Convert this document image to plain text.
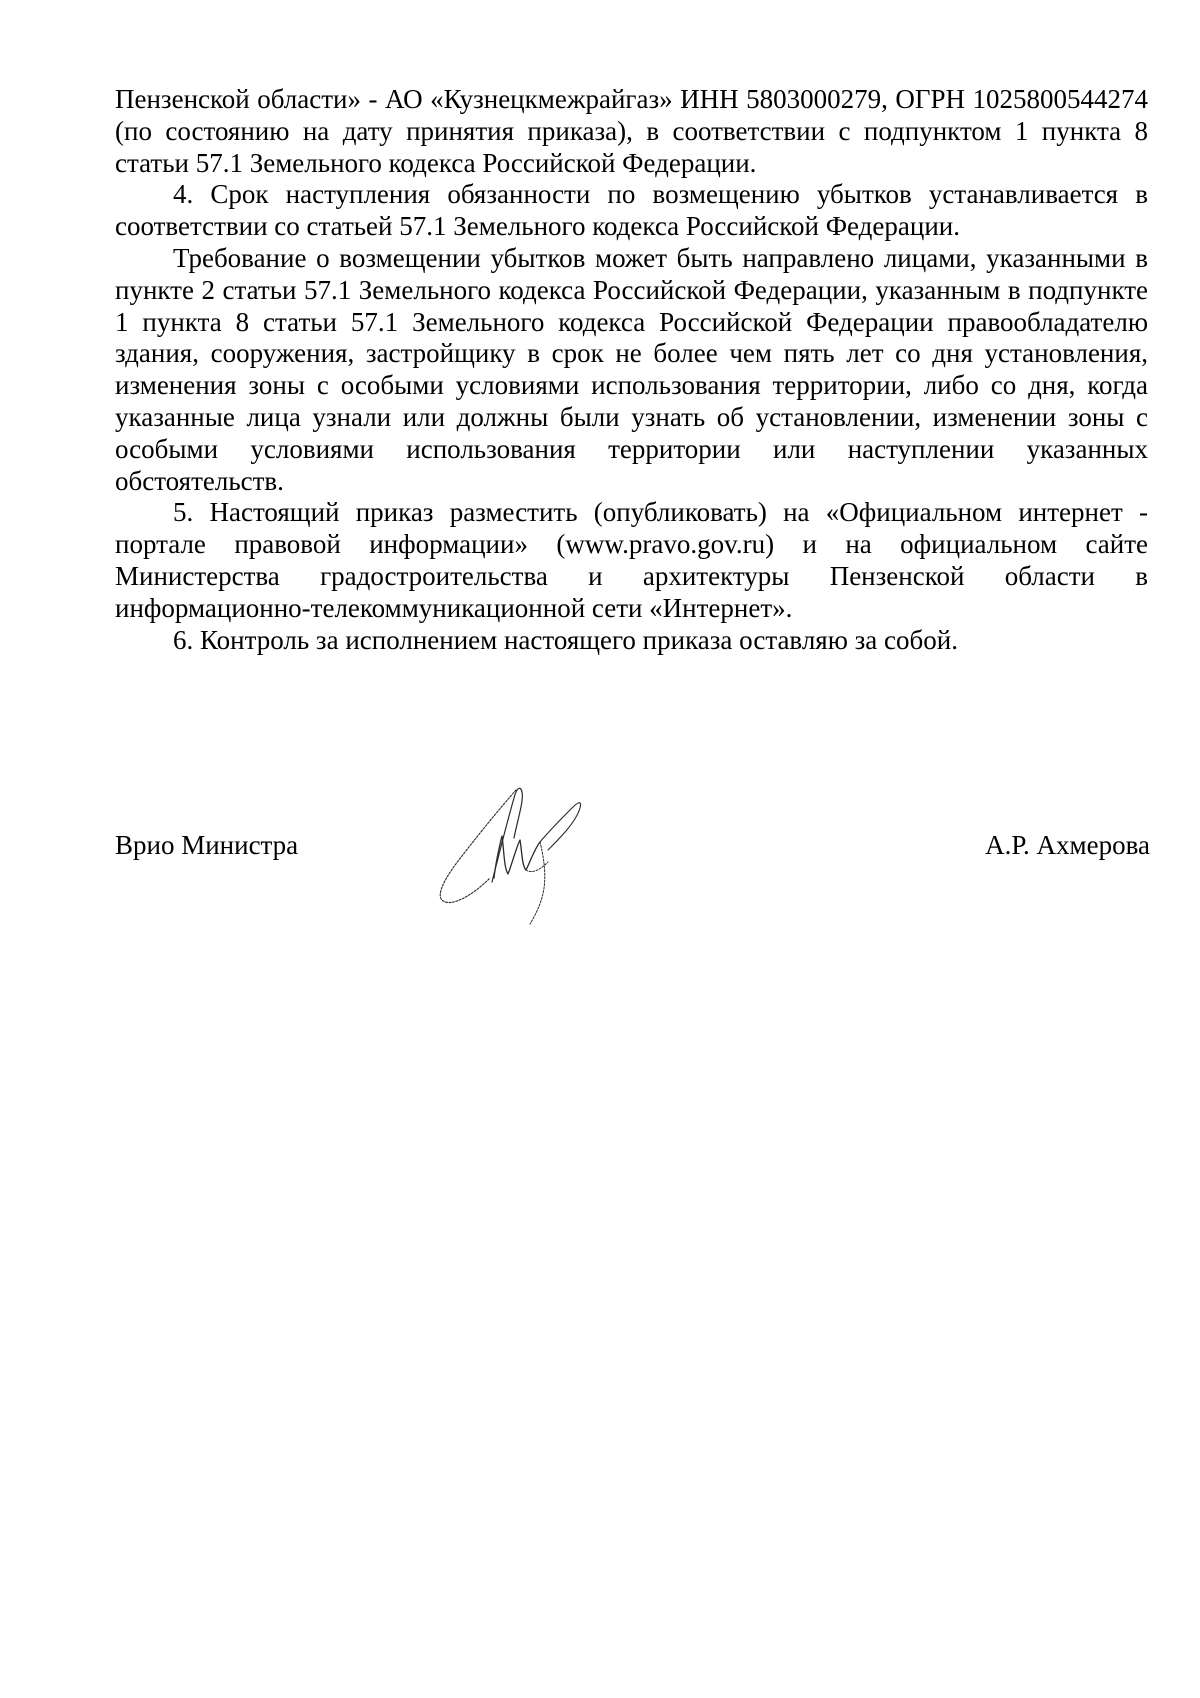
Пензенской области» - АО «Кузнецкмежрайгаз» ИНН 5803000279, ОГРН 1025800544274 (по состоянию на дату принятия приказа), в соответствии с подпунктом 1 пункта 8 статьи 57.1 Земельного кодекса Российской Федерации.

4. Срок наступления обязанности по возмещению убытков устанавливается в соответствии со статьей 57.1 Земельного кодекса Российской Федерации.

Требование о возмещении убытков может быть направлено лицами, указанными в пункте 2 статьи 57.1 Земельного кодекса Российской Федерации, указанным в подпункте 1 пункта 8 статьи 57.1 Земельного кодекса Российской Федерации правообладателю здания, сооружения, застройщику в срок не более чем пять лет со дня установления, изменения зоны с особыми условиями использования территории, либо со дня, когда указанные лица узнали или должны были узнать об установлении, изменении зоны с особыми условиями использования территории или наступлении указанных обстоятельств.

5. Настоящий приказ разместить (опубликовать) на «Официальном интернет - портале правовой информации» (www.pravo.gov.ru) и на официальном сайте Министерства градостроительства и архитектуры Пензенской области в информационно-телекоммуникационной сети «Интернет».

6. Контроль за исполнением настоящего приказа оставляю за собой.

Врио Министра	А.Р. Ахмерова
